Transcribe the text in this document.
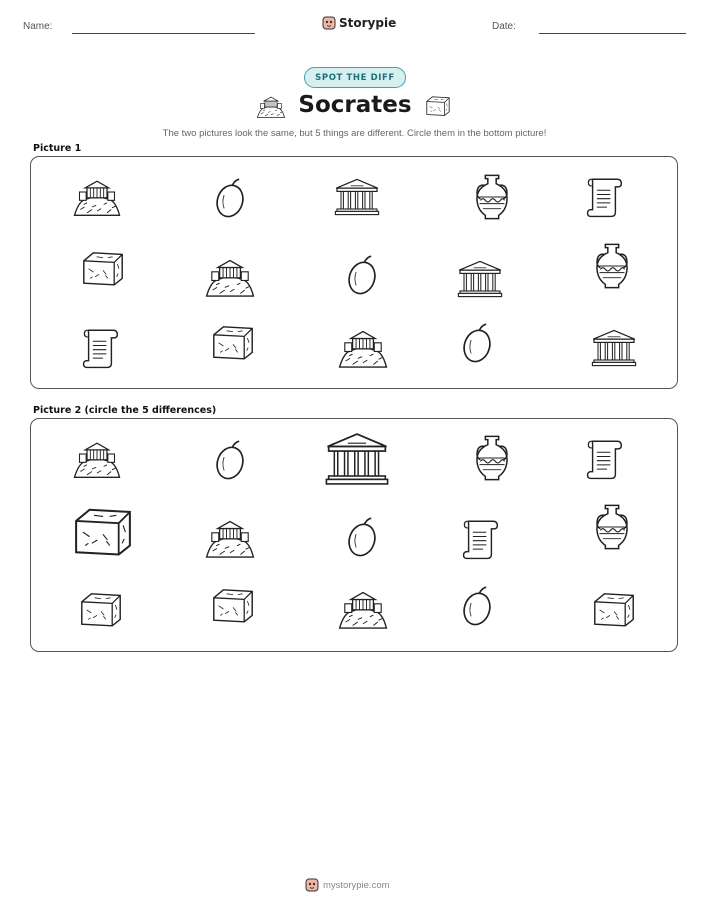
Name:	Storypie	Date:
SPOT THE DIFF
Socrates
The two pictures look the same, but 5 things are different. Circle them in the bottom picture!
Picture 1
Picture 2 (circle the 5 differences)
mystorypie.com
